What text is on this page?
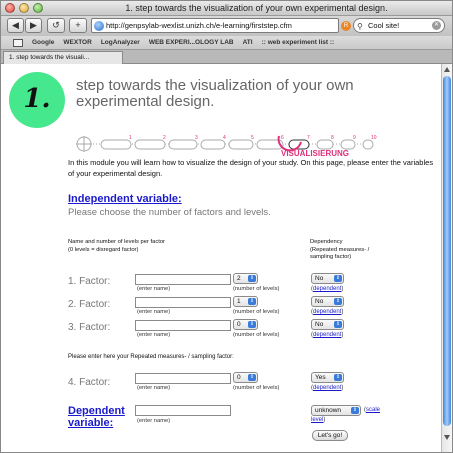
1. step towards the visualization of your own experimental design.
◀	▶	↺	+	http://genpsylab-wexlist.unizh.ch/e-learning/firststep.cfm	R	⚲ Cool site!	✕
Google WEXTOR LogAnalyzer WEB EXPERI...OLOGY LAB ATI :: web experiment list ::
1. step towards the visuali...
1.	step towards the visualization of your own experimental design.
1	2	3	4	5	6	7	8	9	10
VISUALISIERUNG
In this module you will learn how to visualize the design of your study. On this page, please enter the variables of your experimental design.
Independent variable:
Please choose the number of factors and levels.
Name and number of levels per factor
(0 levels = disregard factor)
Dependency
(Repeated measures- /
sampling factor)
1. Factor:
(enter name)
2	⇕
(number of levels)
No	⇕
(dependent)
2. Factor:
(enter name)
1	⇕
(number of levels)
No	⇕
(dependent)
3. Factor:
(enter name)
0	⇕
(number of levels)
No	⇕
(dependent)
Please enter here your Repeated measures- / sampling factor:
4. Factor:	(enter name)
0	⇕
(number of levels)
Yes	⇕
(dependent)
Dependent
variable:	(enter name)
unknown	⇕	(scale
level)
Let's go!
